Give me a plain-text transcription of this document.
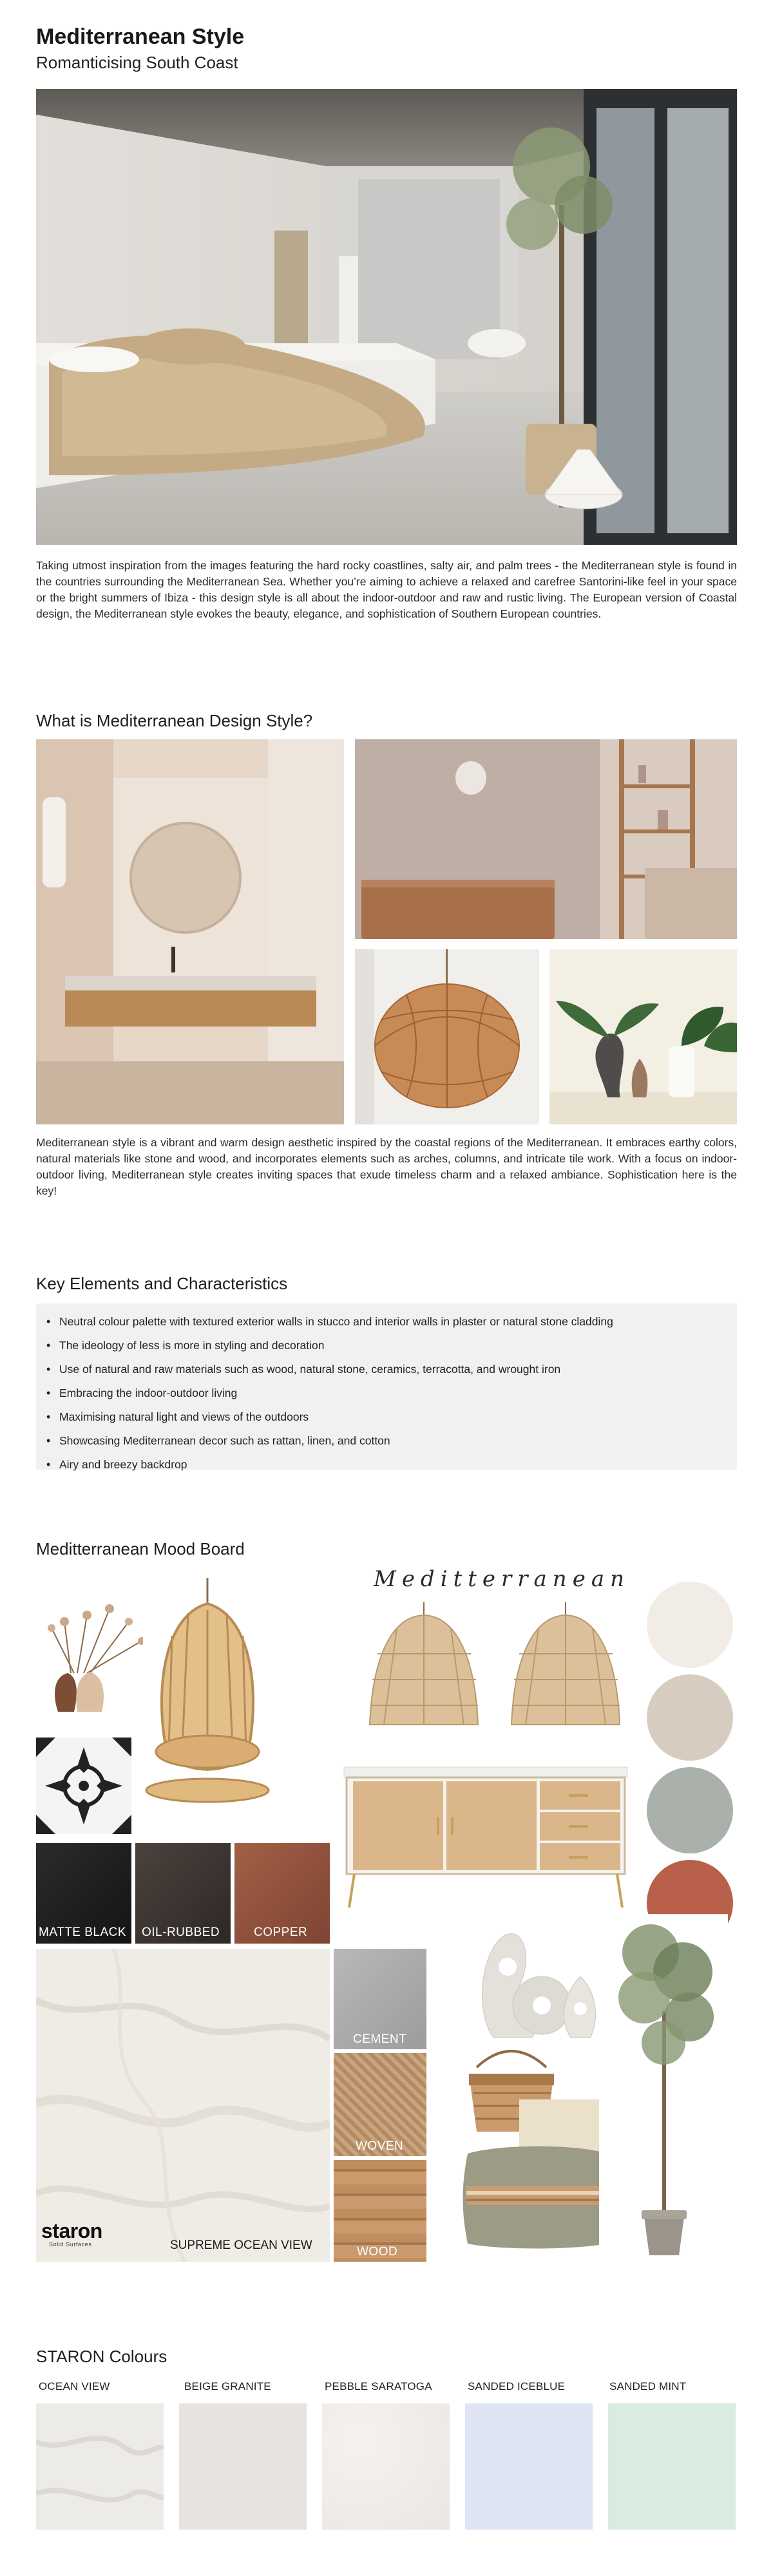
Mediterranean Style
Romanticising South Coast

Taking utmost inspiration from the images featuring the hard rocky coastlines, salty air, and palm trees - the Mediterranean style is found in the countries surrounding the Mediterranean Sea. Whether you’re aiming to achieve a relaxed and carefree Santorini-like feel in your space or the bright summers of Ibiza - this design style is all about the indoor-outdoor and raw and rustic living. The European version of Coastal design, the Mediterranean style evokes the beauty, elegance, and sophistication of Southern European countries.

What is Mediterranean Design Style?

Mediterranean style is a vibrant and warm design aesthetic inspired by the coastal regions of the Mediterranean. It embraces earthy colors, natural materials like stone and wood, and incorporates elements such as arches, columns, and intricate tile work. With a focus on indoor-outdoor living, Mediterranean style creates inviting spaces that exude timeless charm and a relaxed ambiance. Sophistication here is the key!

Key Elements and Characteristics
• Neutral colour palette with textured exterior walls in stucco and interior walls in plaster or natural stone cladding
• The ideology of less is more in styling and decoration
• Use of natural and raw materials such as wood, natural stone, ceramics, terracotta, and wrought iron
• Embracing the indoor-outdoor living
• Maximising natural light and views of the outdoors
• Showcasing Mediterranean decor such as rattan, linen, and cotton
• Airy and breezy backdrop
Meditterranean Mood Board
Meditterranean
MATTE BLACK OIL-RUBBED	COPPER
staron
Solid Surfaces	SUPREME OCEAN VIEW
CEMENT
WOVEN
WOOD
STARON Colours
OCEAN VIEW	BEIGE GRANITE	PEBBLE SARATOGA	SANDED ICEBLUE	SANDED MINT
